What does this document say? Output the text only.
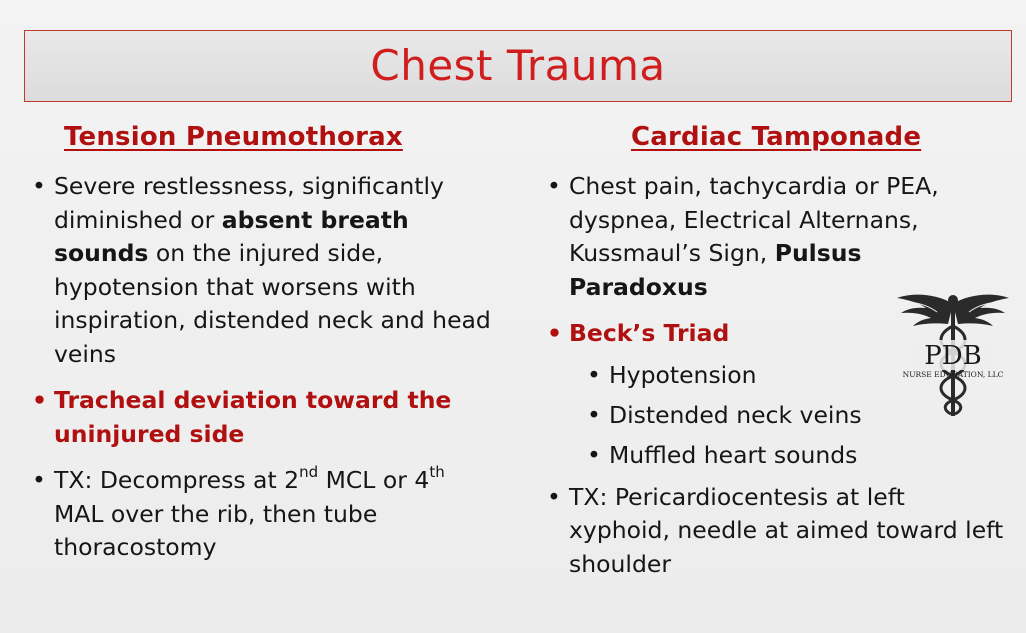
Chest Trauma
Tension Pneumothorax
• Severe restlessness, significantly diminished or absent breath sounds on the injured side, hypotension that worsens with inspiration, distended neck and head veins
• Tracheal deviation toward the uninjured side
• TX: Decompress at 2nd MCL or 4th MAL over the rib, then tube thoracostomy
Cardiac Tamponade
• Chest pain, tachycardia or PEA, dyspnea, Electrical Alternans, Kussmaul’s Sign, Pulsus Paradoxus
• Beck’s Triad
• Hypotension
• Distended neck veins
• Muffled heart sounds
• TX: Pericardiocentesis at left xyphoid, needle at aimed toward left shoulder
PDB
NURSE EDUCATION, LLC
